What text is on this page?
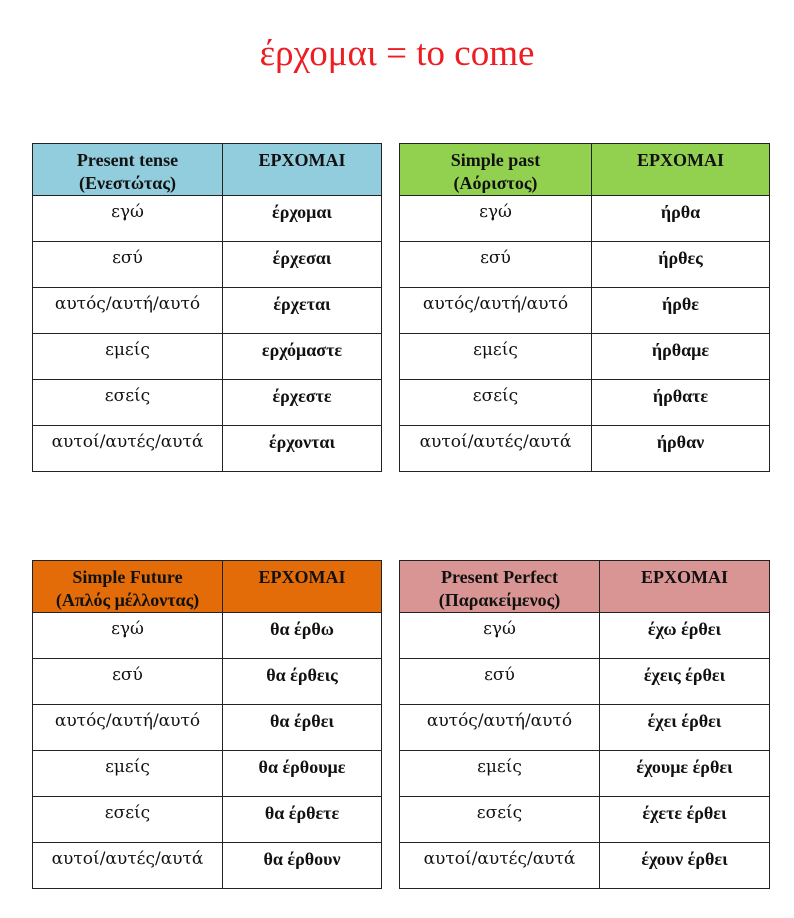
έρχομαι = to come
Present tense
(Ενεστώτας)	ΕΡΧΟΜΑΙ
εγώ	έρχομαι
εσύ	έρχεσαι
αυτός/αυτή/αυτό	έρχεται
εμείς	ερχόμαστε
εσείς	έρχεστε
αυτοί/αυτές/αυτά	έρχονται
Simple past
(Αόριστος)	ΕΡΧΟΜΑΙ
εγώ	ήρθα
εσύ	ήρθες
αυτός/αυτή/αυτό	ήρθε
εμείς	ήρθαμε
εσείς	ήρθατε
αυτοί/αυτές/αυτά	ήρθαν
Simple Future
(Απλός μέλλοντας)	ΕΡΧΟΜΑΙ
εγώ	θα έρθω
εσύ	θα έρθεις
αυτός/αυτή/αυτό	θα έρθει
εμείς	θα έρθουμε
εσείς	θα έρθετε
αυτοί/αυτές/αυτά	θα έρθουν
Present Perfect
(Παρακείμενος)	ΕΡΧΟΜΑΙ
εγώ	έχω έρθει
εσύ	έχεις έρθει
αυτός/αυτή/αυτό	έχει έρθει
εμείς	έχουμε έρθει
εσείς	έχετε έρθει
αυτοί/αυτές/αυτά	έχουν έρθει
